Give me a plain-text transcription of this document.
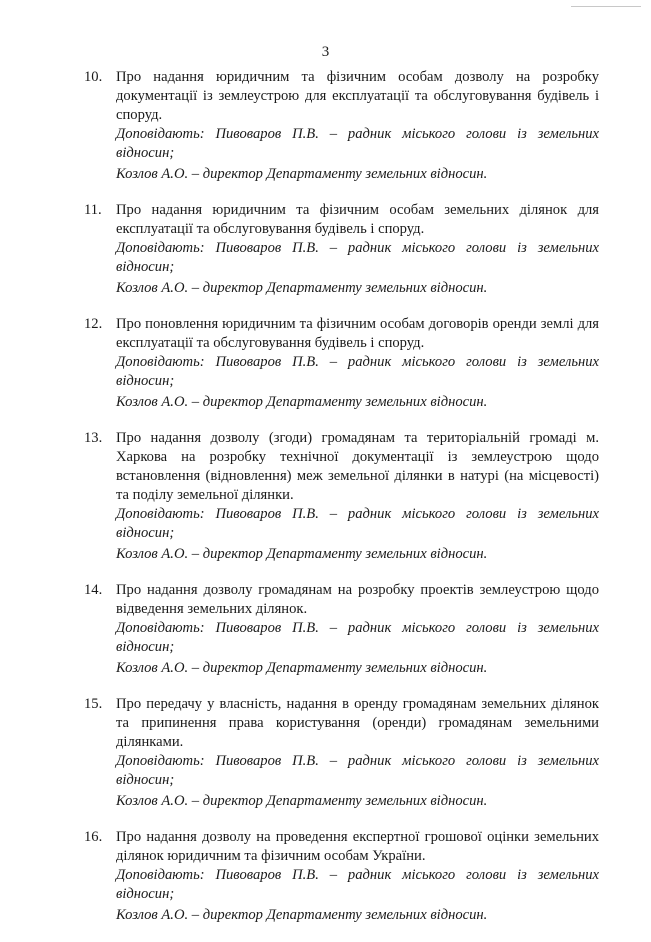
3
10. Про надання юридичним та фізичним особам дозволу на розробку документації із землеустрою для експлуатації та обслуговування будівель і споруд.

Доповідають: Пивоваров П.В. – радник міського голови із земельних відносин;

Козлов А.О. – директор Департаменту земельних відносин.

11. Про надання юридичним та фізичним особам земельних ділянок для експлуатації та обслуговування будівель і споруд.

Доповідають: Пивоваров П.В. – радник міського голови із земельних відносин;

Козлов А.О. – директор Департаменту земельних відносин.

12. Про поновлення юридичним та фізичним особам договорів оренди землі для експлуатації та обслуговування будівель і споруд.

Доповідають: Пивоваров П.В. – радник міського голови із земельних відносин;

Козлов А.О. – директор Департаменту земельних відносин.

13. Про надання дозволу (згоди) громадянам та територіальній громаді м. Харкова на розробку технічної документації із землеустрою щодо встановлення (відновлення) меж земельної ділянки в натурі (на місцевості) та поділу земельної ділянки.

Доповідають: Пивоваров П.В. – радник міського голови із земельних відносин;

Козлов А.О. – директор Департаменту земельних відносин.

14. Про надання дозволу громадянам на розробку проектів землеустрою щодо відведення земельних ділянок.

Доповідають: Пивоваров П.В. – радник міського голови із земельних відносин;

Козлов А.О. – директор Департаменту земельних відносин.

15. Про передачу у власність, надання в оренду громадянам земельних ділянок та припинення права користування (оренди) громадянам земельними ділянками.

Доповідають: Пивоваров П.В. – радник міського голови із земельних відносин;

Козлов А.О. – директор Департаменту земельних відносин.

16. Про надання дозволу на проведення експертної грошової оцінки земельних ділянок юридичним та фізичним особам України.

Доповідають: Пивоваров П.В. – радник міського голови із земельних відносин;

Козлов А.О. – директор Департаменту земельних відносин.
